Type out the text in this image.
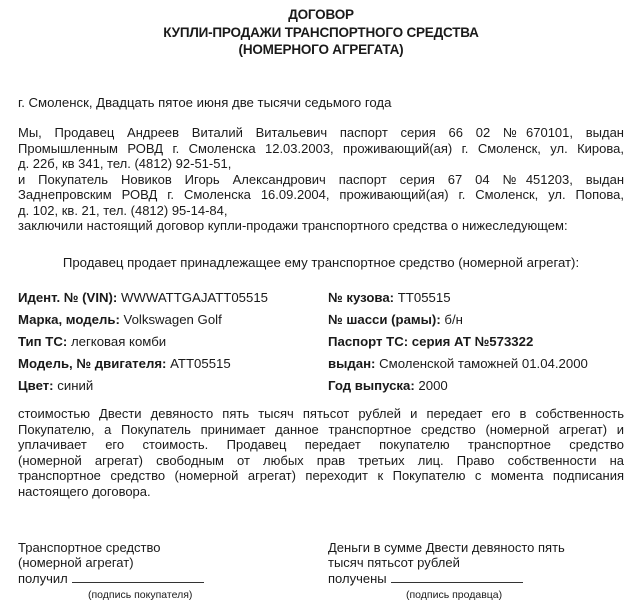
ДОГОВОР
КУПЛИ-ПРОДАЖИ ТРАНСПОРТНОГО СРЕДСТВА
(НОМЕРНОГО АГРЕГАТА)
г. Смоленск, Двадцать пятое июня две тысячи седьмого года
Мы, Продавец Андреев Виталий Витальевич паспорт серия 66 02 №670101, выдан
Промышленным РОВД г. Смоленска 12.03.2003, проживающий(ая) г. Смоленск, ул. Кирова,
д. 22б, кв 341, тел. (4812) 92-51-51,
и Покупатель Новиков Игорь Александрович паспорт серия 67 04 №451203, выдан
Заднепровским РОВД г. Смоленска 16.09.2004, проживающий(ая) г. Смоленск, ул. Попова,
д. 102, кв. 21, тел. (4812) 95-14-84,
заключили настоящий договор купли-продажи транспортного средства о нижеследующем:
Продавец продает принадлежащее ему транспортное средство (номерной агрегат):
Идент. № (VIN): WWWATTGAJATT05515
Марка, модель: Volkswagen Golf
Тип ТС: легковая комби
Модель, № двигателя: ATT05515
Цвет: синий
№ кузова: TT05515
№ шасси (рамы): б/н
Паспорт ТС: серия АТ №573322
выдан: Смоленской таможней 01.04.2000
Год выпуска: 2000
стоимостью Двести девяносто пять тысяч пятьсот рублей и передает его в собственность
Покупателю, а Покупатель принимает данное транспортное средство (номерной агрегат) и
уплачивает его стоимость. Продавец передает покупателю транспортное средство
(номерной агрегат) свободным от любых прав третьих лиц. Право собственности на
транспортное средство (номерной агрегат) переходит к Покупателю с момента подписания
настоящего договора.
Транспортное средство
(номерной агрегат)
получил
(подпись покупателя)
Деньги в сумме Двести девяносто пять
тысяч пятьсот рублей
получены
(подпись продавца)
